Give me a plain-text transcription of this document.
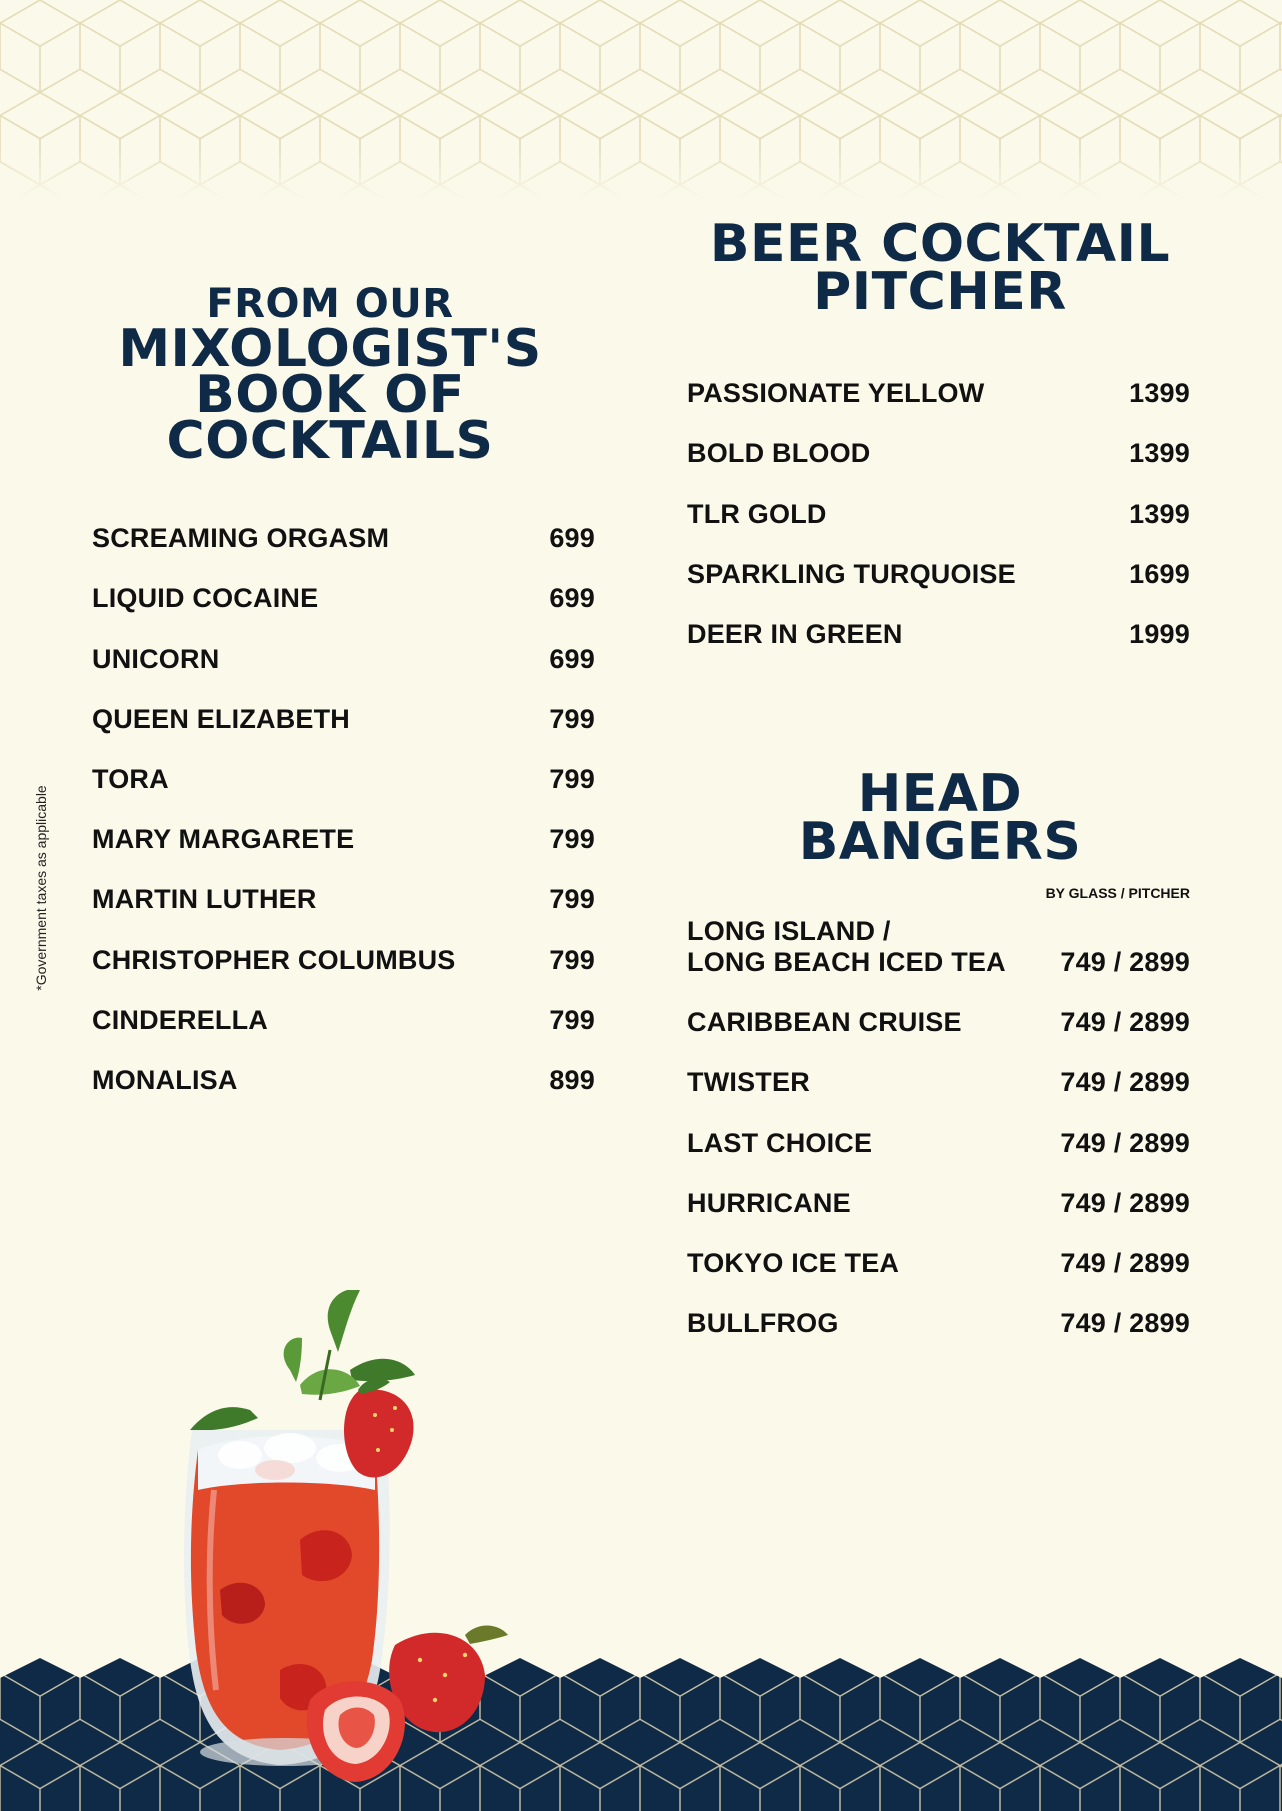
FROM OUR
MIXOLOGIST'S
BOOK OF
COCKTAILS
SCREAMING ORGASM	699
LIQUID COCAINE	699
UNICORN	699
QUEEN ELIZABETH	799
TORA	799
MARY MARGARETE	799
MARTIN LUTHER	799
CHRISTOPHER COLUMBUS	799
CINDERELLA	799
MONALISA	899
BEER COCKTAIL
PITCHER
PASSIONATE YELLOW	1399
BOLD BLOOD	1399
TLR GOLD	1399
SPARKLING TURQUOISE	1699
DEER IN GREEN	1999
HEAD
BANGERS
BY GLASS / PITCHER
LONG ISLAND /
LONG BEACH ICED TEA 749 / 2899
CARIBBEAN CRUISE	749 / 2899
TWISTER	749 / 2899
LAST CHOICE	749 / 2899
HURRICANE	749 / 2899
TOKYO ICE TEA	749 / 2899
BULLFROG	749 / 2899
*Government taxes as applicable
